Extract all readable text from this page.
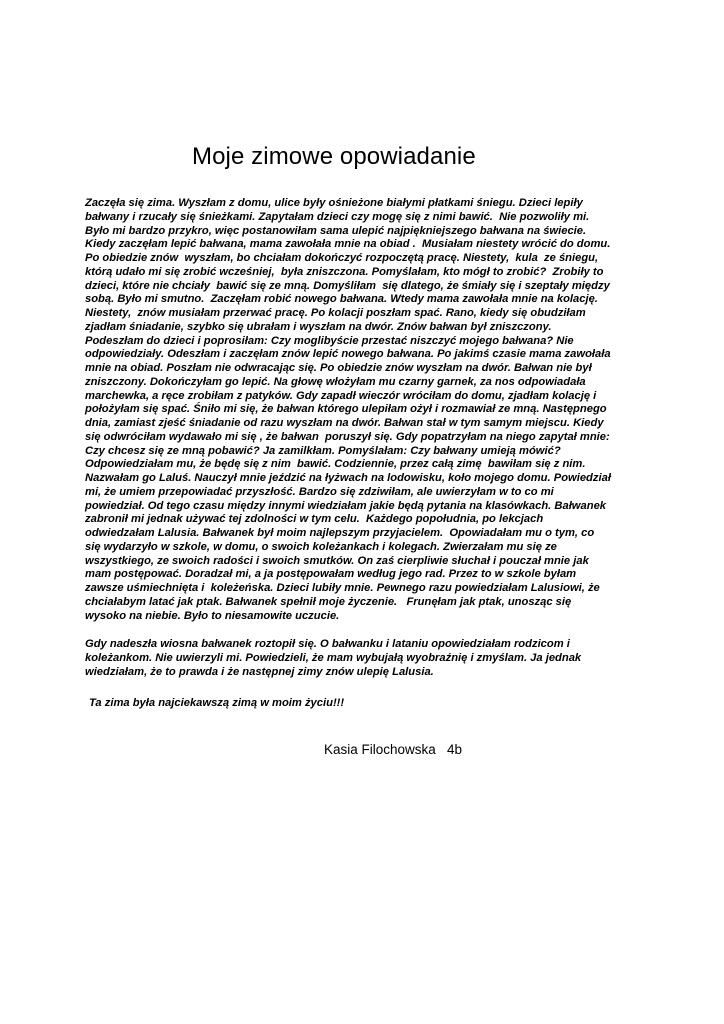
Moje zimowe opowiadanie
Zaczęła się zima. Wyszłam z domu, ulice były ośnieżone białymi płatkami śniegu. Dzieci lepiły
bałwany i rzucały się śnieżkami. Zapytałam dzieci czy mogę się z nimi bawić.  Nie pozwoliły mi.
Było mi bardzo przykro, więc postanowiłam sama ulepić najpiękniejszego bałwana na świecie.
Kiedy zaczęłam lepić bałwana, mama zawołała mnie na obiad .  Musiałam niestety wrócić do domu.
Po obiedzie znów  wyszłam, bo chciałam dokończyć rozpoczętą pracę. Niestety,  kula  ze śniegu,
którą udało mi się zrobić wcześniej,  była zniszczona. Pomyślałam, kto mógł to zrobić?  Zrobiły to
dzieci, które nie chciały  bawić się ze mną. Domyśliłam  się dlatego, że śmiały się i szeptały między
sobą. Było mi smutno.  Zaczęłam robić nowego bałwana. Wtedy mama zawołała mnie na kolację.
Niestety,  znów musiałam przerwać pracę. Po kolacji poszłam spać. Rano, kiedy się obudziłam
zjadłam śniadanie, szybko się ubrałam i wyszłam na dwór. Znów bałwan był zniszczony.
Podeszłam do dzieci i poprosiłam: Czy moglibyście przestać niszczyć mojego bałwana? Nie
odpowiedziały. Odeszłam i zaczęłam znów lepić nowego bałwana. Po jakimś czasie mama zawołała
mnie na obiad. Poszłam nie odwracając się. Po obiedzie znów wyszłam na dwór. Bałwan nie był
zniszczony. Dokończyłam go lepić. Na głowę włożyłam mu czarny garnek, za nos odpowiadała
marchewka, a ręce zrobiłam z patyków. Gdy zapadł wieczór wróciłam do domu, zjadłam kolację i
położyłam się spać. Śniło mi się, że bałwan którego ulepiłam ożył i rozmawiał ze mną. Następnego
dnia, zamiast zjeść śniadanie od razu wyszłam na dwór. Bałwan stał w tym samym miejscu. Kiedy
się odwróciłam wydawało mi się , że bałwan  poruszył się. Gdy popatrzyłam na niego zapytał mnie:
Czy chcesz się ze mną pobawić? Ja zamilkłam. Pomyślałam: Czy bałwany umieją mówić?
Odpowiedziałam mu, że będę się z nim  bawić. Codziennie, przez całą zimę  bawiłam się z nim.
Nazwałam go Laluś. Nauczył mnie jeździć na łyżwach na lodowisku, koło mojego domu. Powiedział
mi, że umiem przepowiadać przyszłość. Bardzo się zdziwiłam, ale uwierzyłam w to co mi
powiedział. Od tego czasu między innymi wiedziałam jakie będą pytania na klasówkach. Bałwanek
zabronił mi jednak używać tej zdolności w tym celu.  Każdego popołudnia, po lekcjach
odwiedzałam Lalusia. Bałwanek był moim najlepszym przyjacielem.  Opowiadałam mu o tym, co
się wydarzyło w szkole, w domu, o swoich koleżankach i kolegach. Zwierzałam mu się ze
wszystkiego, ze swoich radości i swoich smutków. On zaś cierpliwie słuchał i pouczał mnie jak
mam postępować. Doradzał mi, a ja postępowałam według jego rad. Przez to w szkole byłam
zawsze uśmiechnięta i  koleżeńska. Dzieci lubiły mnie. Pewnego razu powiedziałam Lalusiowi, że
chciałabym latać jak ptak. Bałwanek spełnił moje życzenie.   Frunęłam jak ptak, unosząc się
wysoko na niebie. Było to niesamowite uczucie.
Gdy nadeszła wiosna bałwanek roztopił się. O bałwanku i lataniu opowiedziałam rodzicom i
koleżankom. Nie uwierzyli mi. Powiedzieli, że mam wybujałą wyobraźnię i zmyślam. Ja jednak
wiedziałam, że to prawda i że następnej zimy znów ulepię Lalusia.
Ta zima była najciekawszą zimą w moim życiu!!!

Kasia Filochowska   4b
